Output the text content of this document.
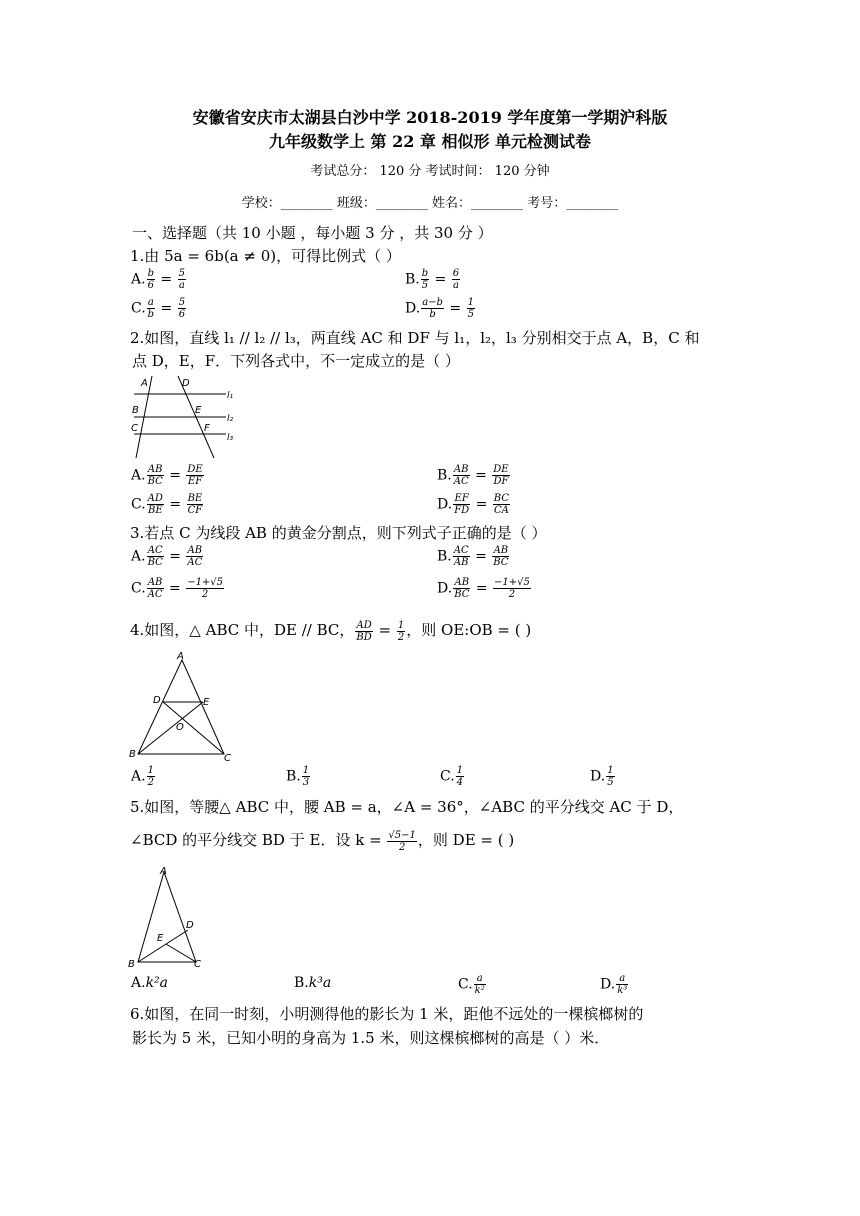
安徽省安庆市太湖县白沙中学 2018-2019 学年度第一学期沪科版
九年级数学上 第 22 章 相似形 单元检测试卷
考试总分： 120 分 考试时间： 120 分钟
学校：________ 班级：________ 姓名：________ 考号：________
一、选择题（共 10 小题 ，每小题 3 分 ，共 30 分 ）
1.由 5a = 6b(a ≠ 0)，可得比例式（ ）
A. $\frac{b}{6} = \frac{5}{a}$	B. $\frac{b}{5} = \frac{6}{a}$
C. $\frac{a}{b} = \frac{5}{6}$	D. $\frac{a-b}{b} = \frac{1}{5}$
2.如图，直线 l₁ // l₂ // l₃，两直线 AC 和 DF 与 l₁，l₂，l₃ 分别相交于点 A，B，C 和
点 D，E，F．下列各式中，不一定成立的是（ ）
A	D
B	E
C	F
l₁
l₂
l₃
A. $\frac{AB}{BC} = \frac{DE}{EF}$	B. $\frac{AB}{AC} = \frac{DE}{DF}$
C. $\frac{AD}{BE} = \frac{BE}{CF}$	D. $\frac{EF}{FD} = \frac{BC}{CA}$
3.若点 C 为线段 AB 的黄金分割点，则下列式子正确的是（ ）
A. $\frac{AC}{BC} = \frac{AB}{AC}$	B. $\frac{AC}{AB} = \frac{AB}{BC}$
C. $\frac{AB}{AC} = \frac{-1+√5}{2}$	D. $\frac{AB}{BC} = \frac{-1+√5}{2}$
4.如图，△ ABC 中，DE // BC， $\frac{AD}{BD} = \frac{1}{2}$ ，则 OE:OB = ( )
A
D	E
O
B	C
A. $\frac{1}{2}$	B. $\frac{1}{3}$	C. $\frac{1}{4}$	D. $\frac{1}{5}$
5.如图，等腰△ ABC 中，腰 AB = a，∠A = 36°，∠ABC 的平分线交 AC 于 D，
∠BCD 的平分线交 BD 于 E．设 $k = \frac{√5-1}{2}$ ，则 DE = ( )
A
D
E
B	C
A.k²a	B.k³a	C. $\frac{a}{\text{k²}}$	D. $\frac{a}{\text{k³}}$
6.如图，在同一时刻，小明测得他的影长为 1 米，距他不远处的一棵槟榔树的
影长为 5 米，已知小明的身高为 1.5 米，则这棵槟榔树的高是（ ）米．
